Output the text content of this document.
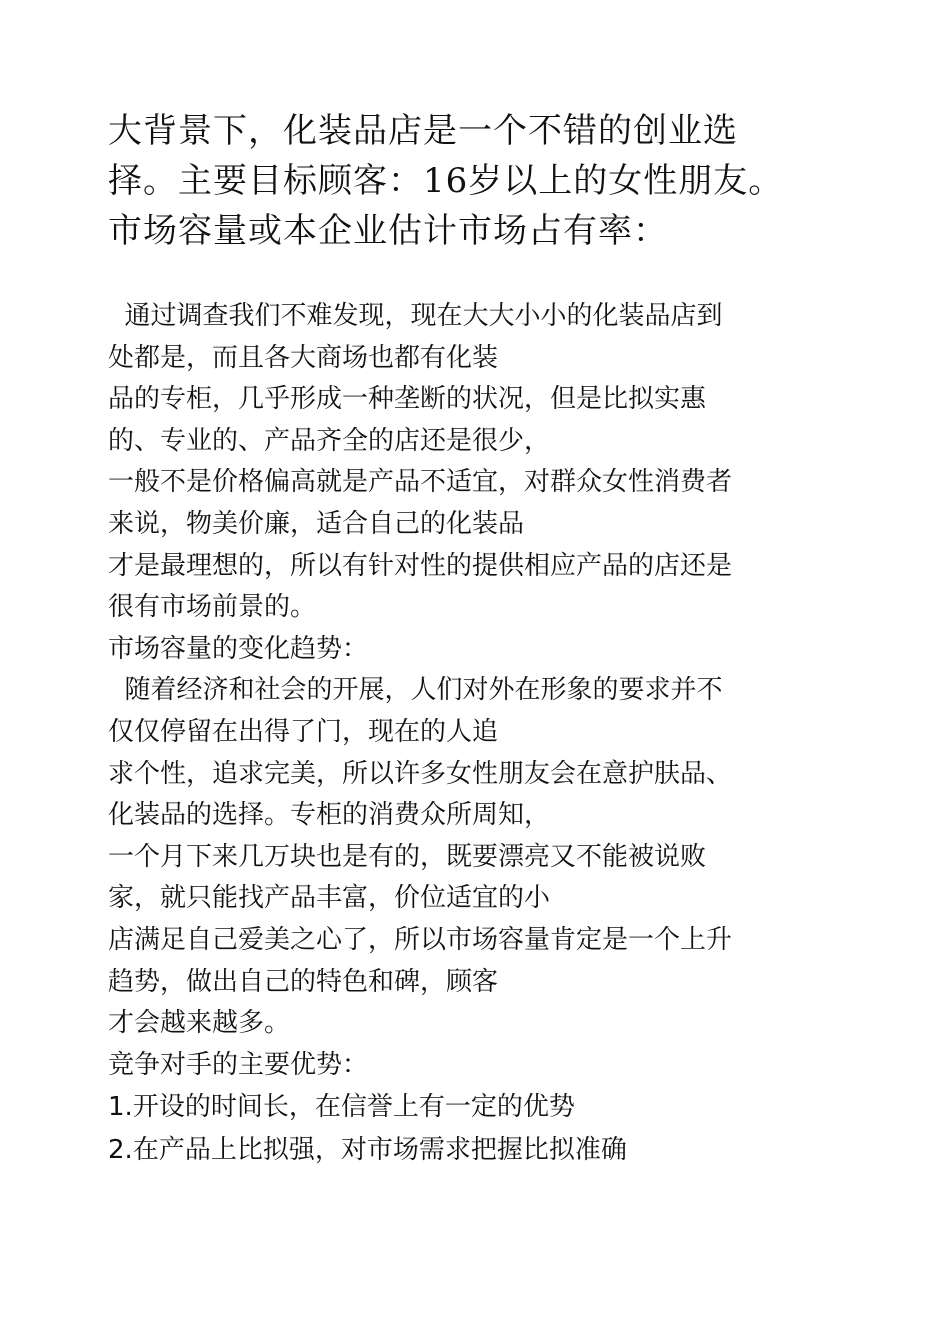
大背景下，化装品店是一个不错的创业选
择。主要目标顾客：16岁以上的女性朋友。
市场容量或本企业估计市场占有率：
通过调查我们不难发现，现在大大小小的化装品店到
处都是，而且各大商场也都有化装
品的专柜，几乎形成一种垄断的状况，但是比拟实惠
的、专业的、产品齐全的店还是很少，
一般不是价格偏高就是产品不适宜，对群众女性消费者
来说，物美价廉，适合自己的化装品
才是最理想的，所以有针对性的提供相应产品的店还是
很有市场前景的。
市场容量的变化趋势：
随着经济和社会的开展，人们对外在形象的要求并不
仅仅停留在出得了门，现在的人追
求个性，追求完美，所以许多女性朋友会在意护肤品、
化装品的选择。专柜的消费众所周知，
一个月下来几万块也是有的，既要漂亮又不能被说败
家，就只能找产品丰富，价位适宜的小
店满足自己爱美之心了，所以市场容量肯定是一个上升
趋势，做出自己的特色和碑，顾客
才会越来越多。
竞争对手的主要优势：
1.开设的时间长，在信誉上有一定的优势
2.在产品上比拟强，对市场需求把握比拟准确
